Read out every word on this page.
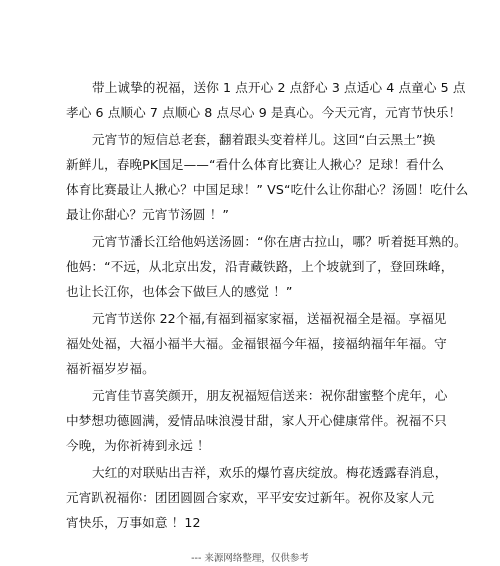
带上诚挚的祝福，送你 1 点开心 2 点舒心 3 点适心 4 点童心 5 点
孝心 6 点顺心 7 点顺心 8 点尽心 9 是真心。今天元宵，元宵节快乐！
元宵节的短信总老套，翻着跟头变着样儿。这回“白云黑土”换
新鲜儿，春晚PK国足——“看什么体育比赛让人揪心？足球！看什么
体育比赛最让人揪心？中国足球！” VS“吃什么让你甜心？汤圆！吃什么
最让你甜心？元宵节汤圆 ！”
元宵节潘长江给他妈送汤圆：“你在唐古拉山，哪？听着挺耳熟的。
他妈：“不远，从北京出发，沿青藏铁路，上个坡就到了，登回珠峰，
也让长江你，也体会下做巨人的感觉 ！”
元宵节送你 22个福,有福到福家家福，送福祝福全是福。享福见
福处处福，大福小福半大福。金福银福今年福，接福纳福年年福。守
福祈福岁岁福。
元宵佳节喜笑颜开，朋友祝福短信送来：祝你甜蜜整个虎年，心
中梦想功德圆满，爱情品味浪漫甘甜，家人开心健康常伴。祝福不只
今晚，为你祈祷到永远 ！
大红的对联贴出吉祥，欢乐的爆竹喜庆绽放。梅花透露春消息，
元宵趴祝福你：团团圆圆合家欢，平平安安过新年。祝你及家人元
宵快乐，万事如意 ！12
--- 来源网络整理，仅供参考
